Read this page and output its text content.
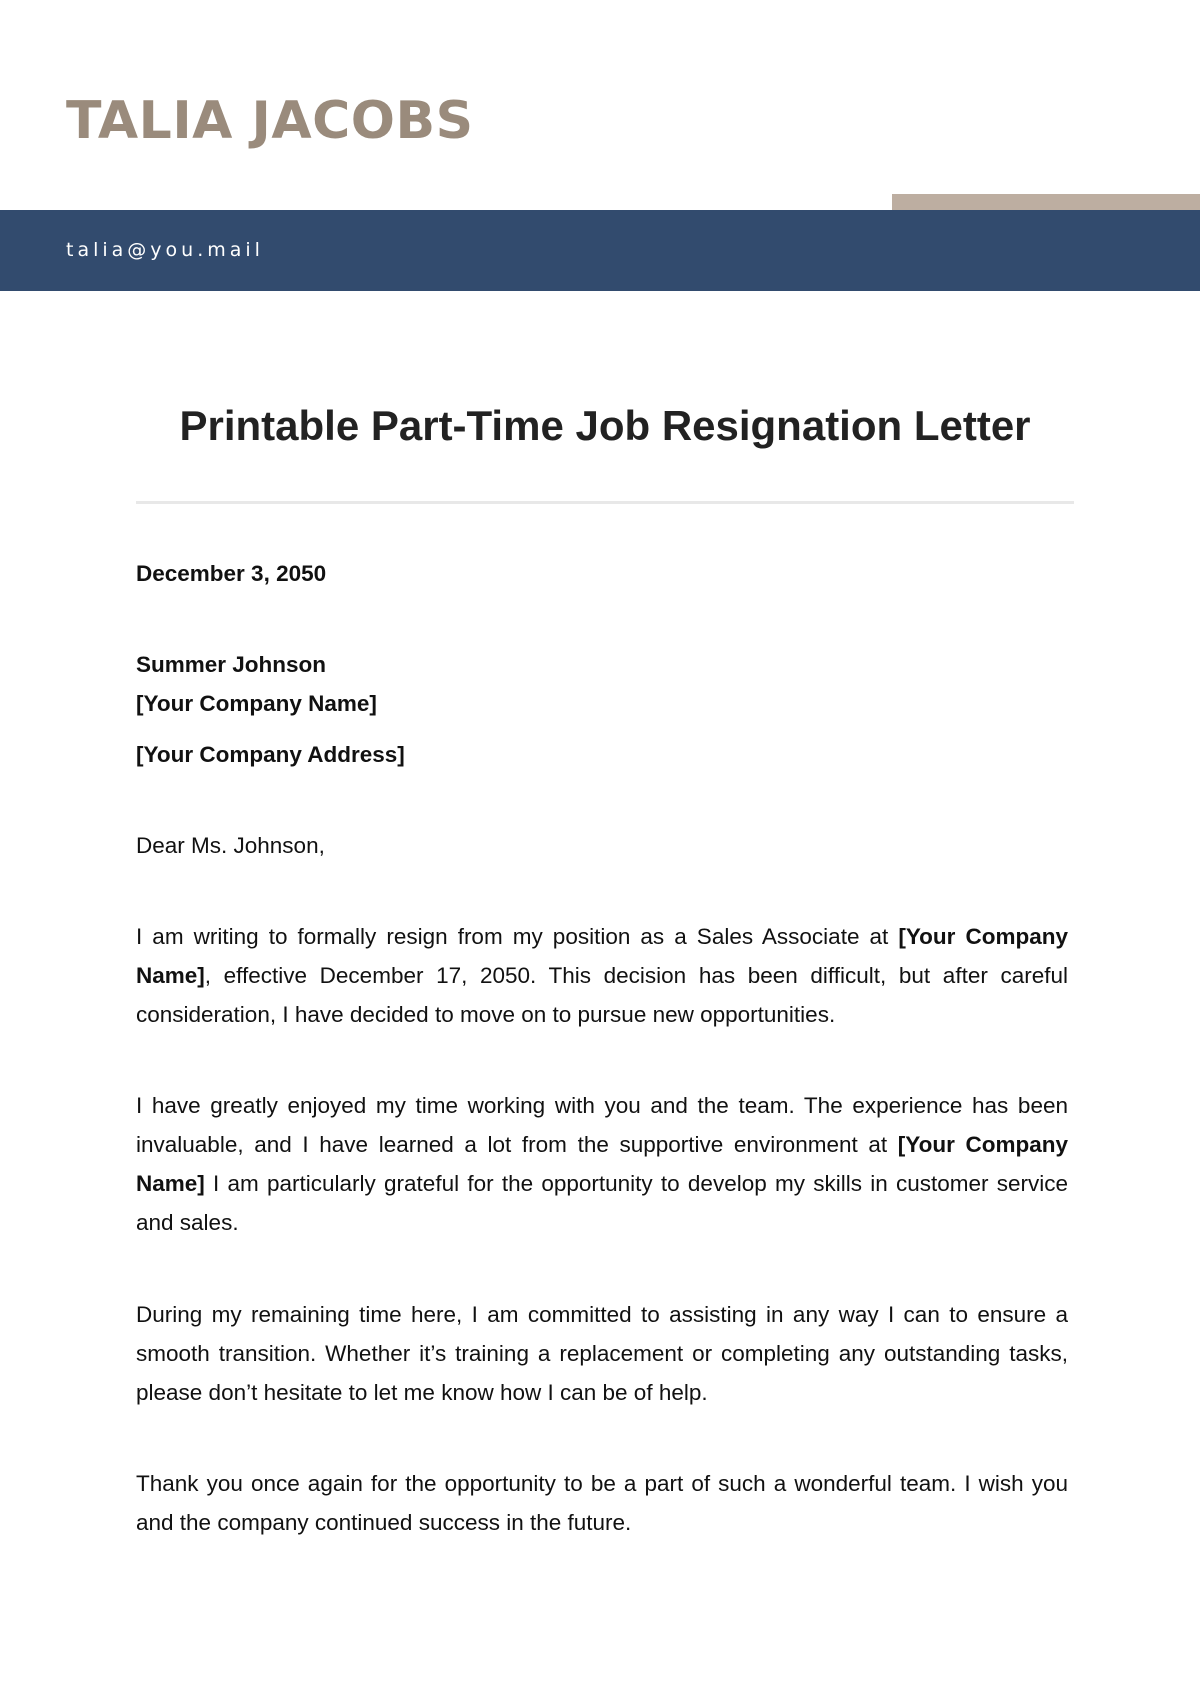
TALIA JACOBS
talia@you.mail
Printable Part-Time Job Resignation Letter

December 3, 2050

Summer Johnson

[Your Company Name]

[Your Company Address]

Dear Ms. Johnson,

I am writing to formally resign from my position as a Sales Associate at [Your Company Name], effective December 17, 2050. This decision has been difficult, but after careful consideration, I have decided to move on to pursue new opportunities.

I have greatly enjoyed my time working with you and the team. The experience has been invaluable, and I have learned a lot from the supportive environment at [Your Company Name] I am particularly grateful for the opportunity to develop my skills in customer service and sales.

During my remaining time here, I am committed to assisting in any way I can to ensure a smooth transition. Whether it’s training a replacement or completing any outstanding tasks, please don’t hesitate to let me know how I can be of help.

Thank you once again for the opportunity to be a part of such a wonderful team. I wish you and the company continued success in the future.
